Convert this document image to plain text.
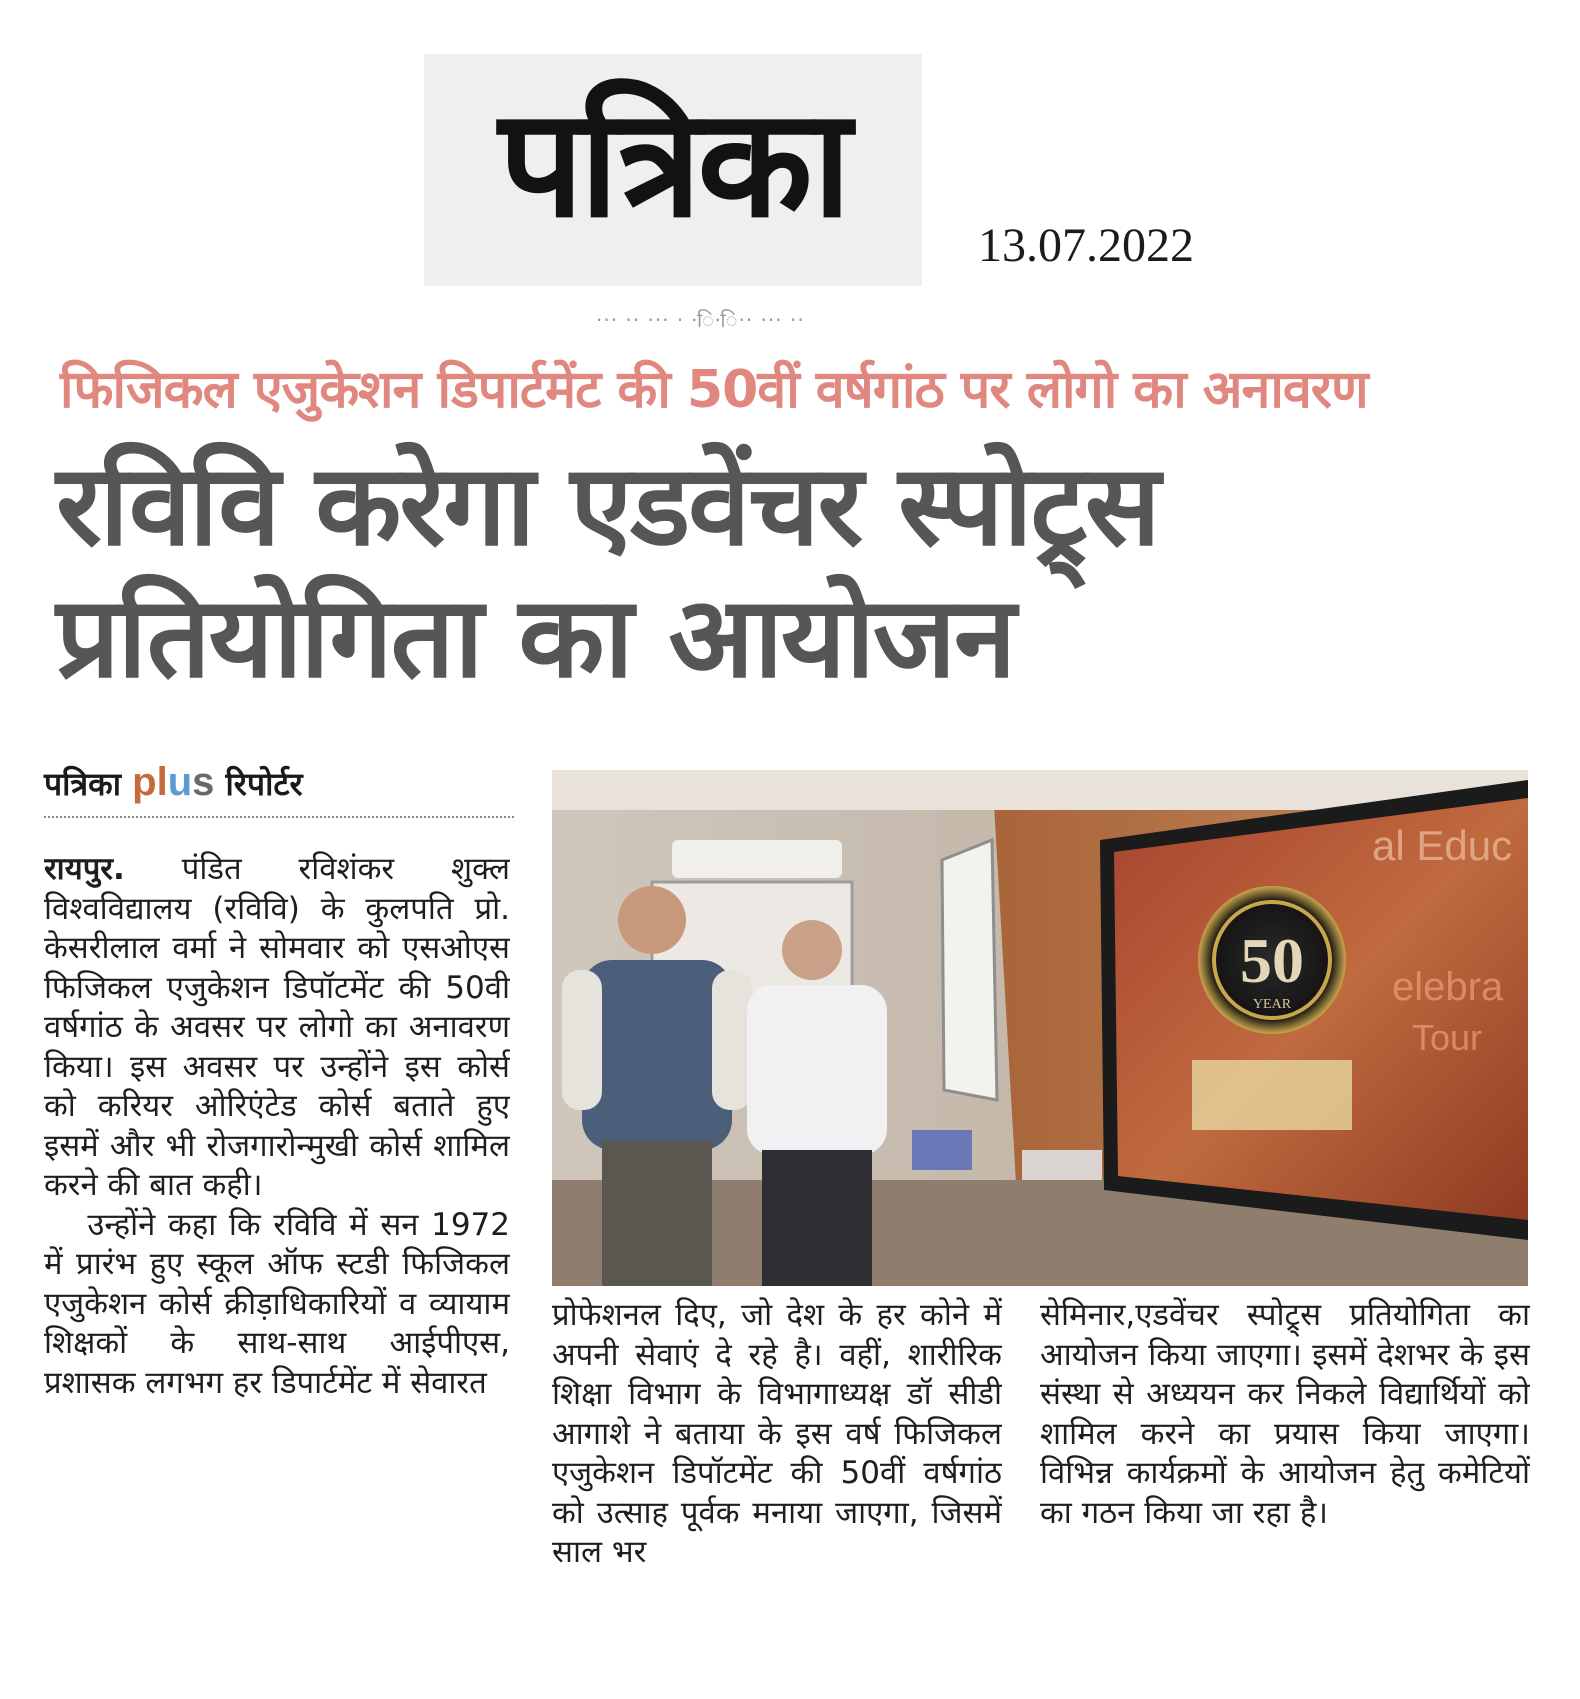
पत्रिका	13.07.2022
··· ·· ··· · ·ि·ि·· ··· ··
फिजिकल एजुकेशन डिपार्टमेंट की 50वीं वर्षगांठ पर लोगो का अनावरण
रविवि करेगा एडवेंचर स्पोट्र्स
प्रतियोगिता का आयोजन
पत्रिका plus रिपोर्टर

रायपुर. पंडित रविशंकर शुक्ल विश्वविद्यालय (रविवि) के कुलपति प्रो. केसरीलाल वर्मा ने सोमवार को एसओएस फिजिकल एजुकेशन डिपॉटमेंट की 50वी वर्षगांठ के अवसर पर लोगो का अनावरण किया। इस अवसर पर उन्होंने इस कोर्स को करियर ओरिएंटेड कोर्स बताते हुए इसमें और भी रोजगारोन्मुखी कोर्स शामिल करने की बात कही।

उन्होंने कहा कि रविवि में सन 1972 में प्रारंभ हुए स्कूल ऑफ स्टडी फिजिकल एजुकेशन कोर्स क्रीड़ाधिकारियों व व्यायाम शिक्षकों के साथ-साथ आईपीएस, प्रशासक लगभग हर डिपार्टमेंट में सेवारत

50
YEAR
al Educ
elebra
Tour
प्रोफेशनल दिए, जो देश के हर कोने में अपनी सेवाएं दे रहे है। वहीं, शारीरिक शिक्षा विभाग के विभागाध्यक्ष डॉ सीडी आगाशे ने बताया के इस वर्ष फिजिकल एजुकेशन डिपॉटमेंट की 50वीं वर्षगांठ को उत्साह पूर्वक मनाया जाएगा, जिसमें साल भर
सेमिनार,एडवेंचर स्पोट्र्स प्रतियोगिता का आयोजन किया जाएगा। इसमें देशभर के इस संस्था से अध्ययन कर निकले विद्यार्थियों को शामिल करने का प्रयास किया जाएगा। विभिन्न कार्यक्रमों के आयोजन हेतु कमेटियों का गठन किया जा रहा है।
